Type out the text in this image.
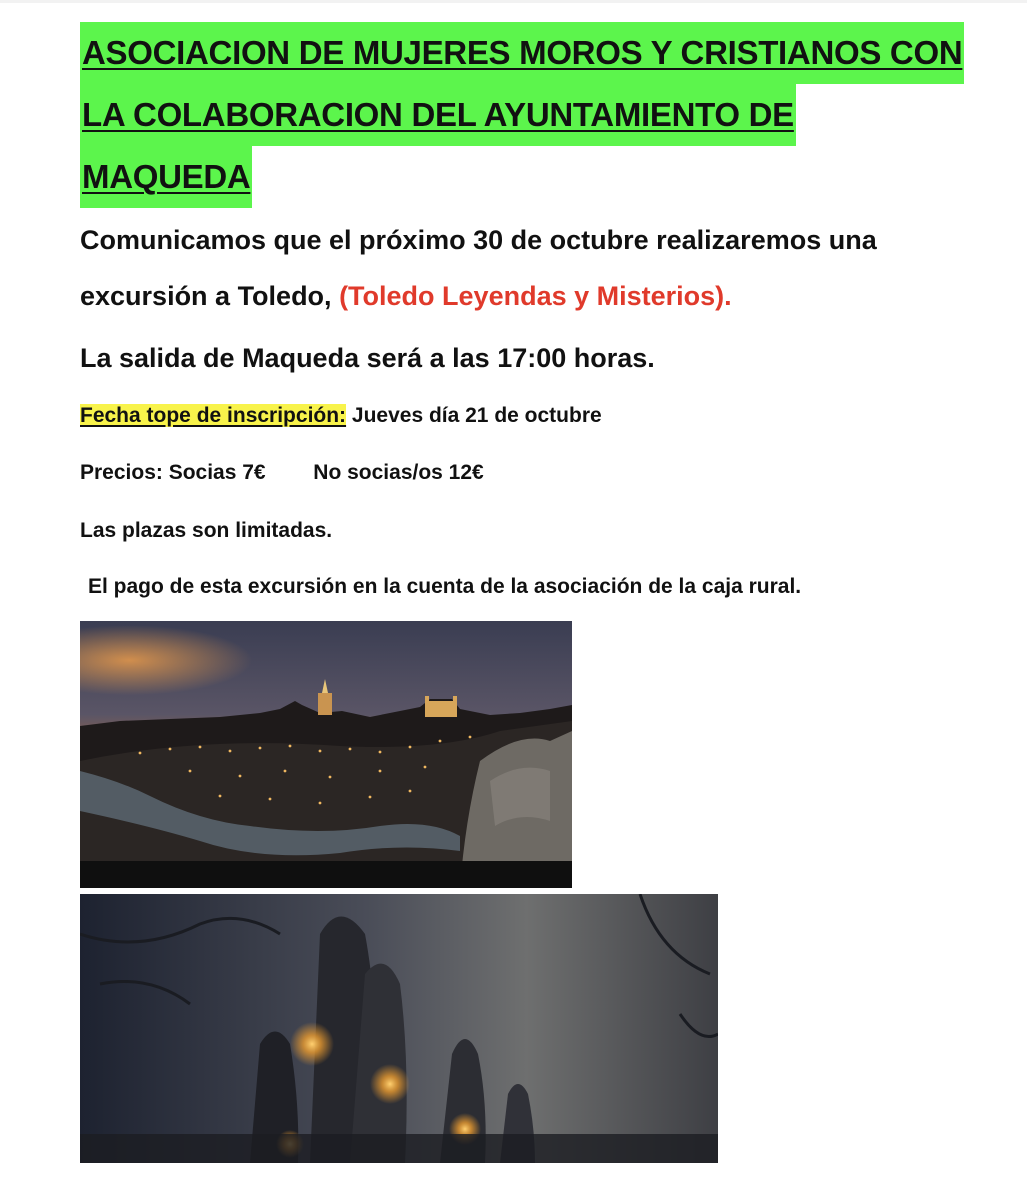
ASOCIACION DE MUJERES MOROS Y CRISTIANOS CON
LA COLABORACION DEL AYUNTAMIENTO DE
MAQUEDA
Comunicamos que el próximo 30 de octubre realizaremos una
excursión a Toledo, (Toledo Leyendas y Misterios).
La salida de Maqueda será a las 17:00 horas.
Fecha tope de inscripción: Jueves día 21 de octubre
Precios: Socias 7€ No socias/os 12€
Las plazas son limitadas.
El pago de esta excursión en la cuenta de la asociación de la caja rural.
